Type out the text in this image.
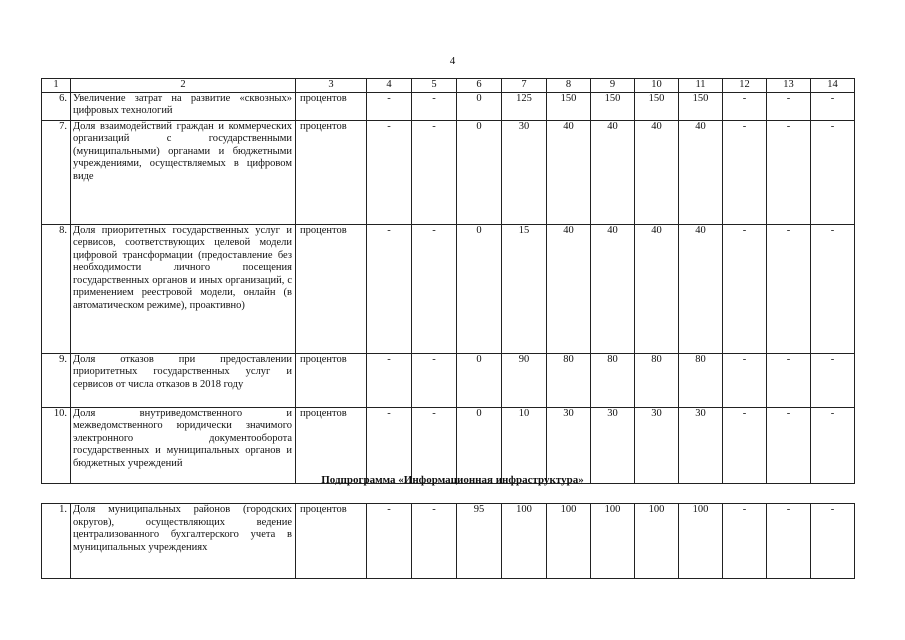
4
1	2	3	4	5	6	7	8	9	10	11	12	13	14
6.	Увеличение затрат на развитие «сквозных» цифровых технологий	процентов	-	-	0	125	150	150	150	150	-	-	-
7.	Доля взаимодействий граждан и коммерческих организаций с государственными (муниципальными) органами и бюджетными учреждениями, осуществляемых в цифровом виде	процентов	-	-	0	30	40	40	40	40	-	-	-
8.	Доля приоритетных государственных услуг и сервисов, соответствующих целевой модели цифровой трансформации (предоставление без необходимости личного посещения государственных органов и иных организаций, с применением реестровой модели, онлайн (в автоматическом режиме), проактивно)	процентов	-	-	0	15	40	40	40	40	-	-	-
9.	Доля отказов при предоставлении приоритетных государственных услуг и сервисов от числа отказов в 2018 году	процентов	-	-	0	90	80	80	80	80	-	-	-
10.	Доля внутриведомственного и межведомственного юридически значимого электронного документооборота государственных и муниципальных органов и бюджетных учреждений	процентов	-	-	0	10	30	30	30	30	-	-	-
Подпрограмма «Информационная инфраструктура»
1.	Доля муниципальных районов (городских округов), осуществляющих ведение централизованного бухгалтерского учета в муниципальных учреждениях	процентов	-	-	95	100	100	100	100	100	-	-	-
